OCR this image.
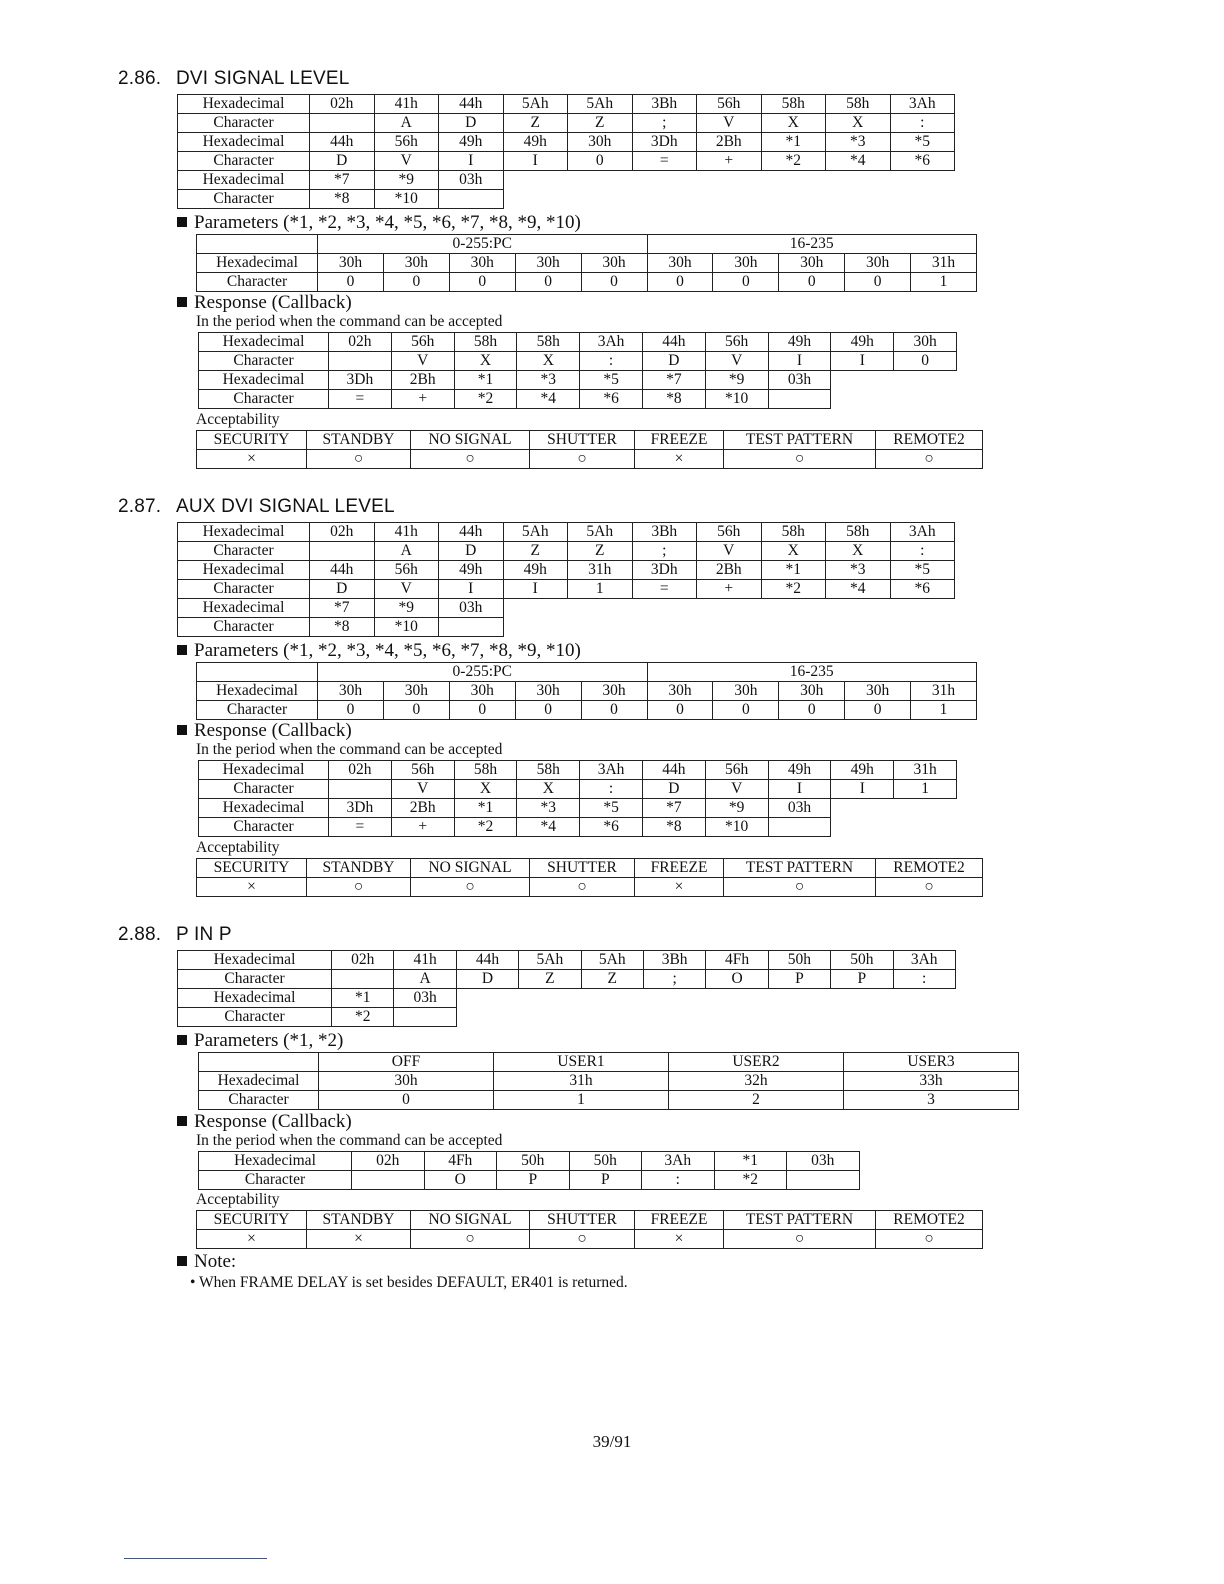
2.86. DVI SIGNAL LEVEL
Hexadecimal	02h	41h	44h	5Ah	5Ah	3Bh	56h	58h	58h	3Ah
Character		A	D	Z	Z	;	V	X	X	:
Hexadecimal	44h	56h	49h	49h	30h	3Dh	2Bh	*1	*3	*5
Character	D	V	I	I	0	=	+	*2	*4	*6
Hexadecimal	*7	*9	03h							
Character	*8	*10								
Parameters (*1, *2, *3, *4, *5, *6, *7, *8, *9, *10)
	0-255:PC					16-235				
Hexadecimal	30h	30h	30h	30h	30h	30h	30h	30h	30h	31h
Character	0	0	0	0	0	0	0	0	0	1
Response (Callback)
In the period when the command can be accepted
Hexadecimal	02h	56h	58h	58h	3Ah	44h	56h	49h	49h	30h
Character		V	X	X	:	D	V	I	I	0
Hexadecimal	3Dh	2Bh	*1	*3	*5	*7	*9	03h		
Character	=	+	*2	*4	*6	*8	*10			
Acceptability
SECURITY	STANDBY	NO SIGNAL	SHUTTER	FREEZE	TEST PATTERN	REMOTE2
×	○	○	○	×	○	○
2.87. AUX DVI SIGNAL LEVEL
Hexadecimal	02h	41h	44h	5Ah	5Ah	3Bh	56h	58h	58h	3Ah
Character		A	D	Z	Z	;	V	X	X	:
Hexadecimal	44h	56h	49h	49h	31h	3Dh	2Bh	*1	*3	*5
Character	D	V	I	I	1	=	+	*2	*4	*6
Hexadecimal	*7	*9	03h							
Character	*8	*10								
Parameters (*1, *2, *3, *4, *5, *6, *7, *8, *9, *10)
	0-255:PC					16-235				
Hexadecimal	30h	30h	30h	30h	30h	30h	30h	30h	30h	31h
Character	0	0	0	0	0	0	0	0	0	1
Response (Callback)
In the period when the command can be accepted
Hexadecimal	02h	56h	58h	58h	3Ah	44h	56h	49h	49h	31h
Character		V	X	X	:	D	V	I	I	1
Hexadecimal	3Dh	2Bh	*1	*3	*5	*7	*9	03h		
Character	=	+	*2	*4	*6	*8	*10			
Acceptability
SECURITY	STANDBY	NO SIGNAL	SHUTTER	FREEZE	TEST PATTERN	REMOTE2
×	○	○	○	×	○	○
2.88. P IN P
Hexadecimal	02h	41h	44h	5Ah	5Ah	3Bh	4Fh	50h	50h	3Ah
Character		A	D	Z	Z	;	O	P	P	:
Hexadecimal	*1	03h								
Character	*2									
Parameters (*1, *2)
	OFF	USER1	USER2	USER3
Hexadecimal	30h	31h	32h	33h
Character	0	1	2	3
Response (Callback)
In the period when the command can be accepted
Hexadecimal	02h	4Fh	50h	50h	3Ah	*1	03h
Character		O	P	P	:	*2	
Acceptability
SECURITY	STANDBY	NO SIGNAL	SHUTTER	FREEZE	TEST PATTERN	REMOTE2
×	×	○	○	×	○	○
Note:
• When FRAME DELAY is set besides DEFAULT, ER401 is returned.
39/91
